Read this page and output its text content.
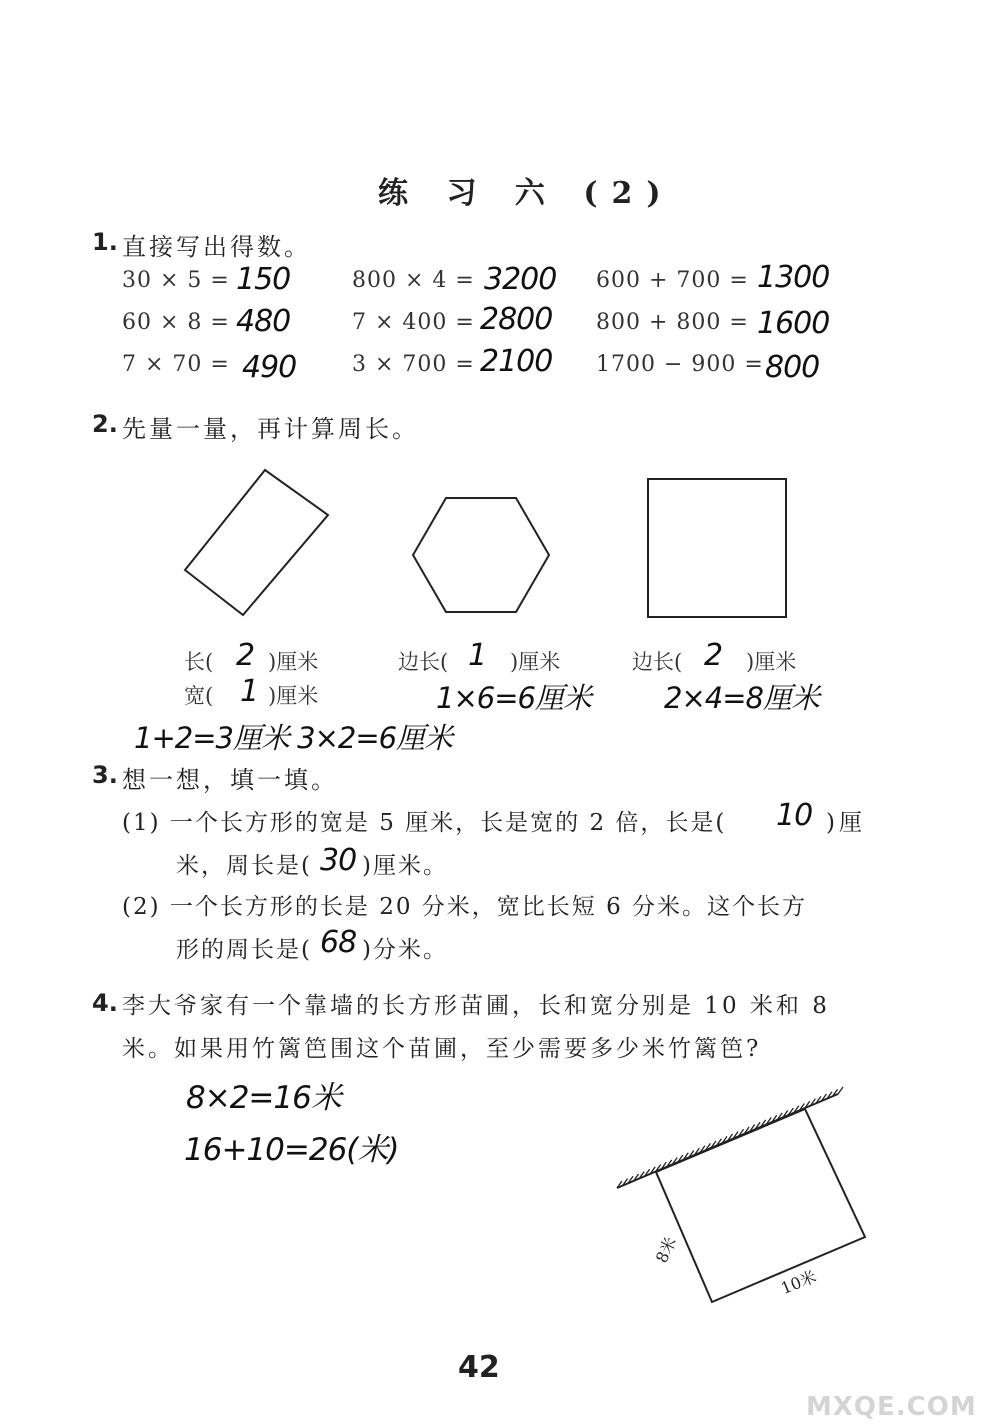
练 习 六 (2)
1. 直接写出得数。
30 × 5 = 150	800 × 4 = 3200 600 + 700 = 1300
60 × 8 = 480	7 × 400 = 2800 800 + 800 = 1600
7 × 70 = 490	3 × 700 = 2100 1700 − 900 = 800
2. 先量一量，再计算周长。
长( 2 )厘米
宽( 1 )厘米
1+2=3厘米 3×2=6厘米
边长( 1 )厘米
1×6=6厘米
边长( 2 )厘米
2×4=8厘米
3. 想一想，填一填。
(1) 一个长方形的宽是 5 厘米，长是宽的 2 倍，长是( 10 )厘
米，周长是( 30 )厘米。
(2) 一个长方形的长是 20 分米，宽比长短 6 分米。这个长方
形的周长是( 68 )分米。
4. 李大爷家有一个靠墙的长方形苗圃，长和宽分别是 10 米和 8
米。如果用竹篱笆围这个苗圃，至少需要多少米竹篱笆?
8×2=16米
16+10=26(米)
8米
10米
42
MXQE.COM
